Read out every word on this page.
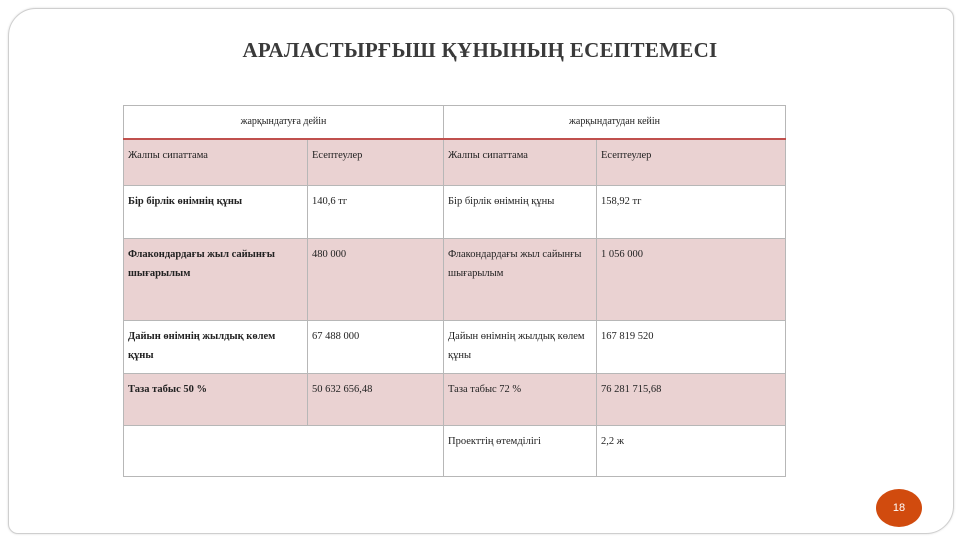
АРАЛАСТЫРҒЫШ ҚҰНЫНЫҢ ЕСЕПТЕМЕСІ
жарқындатуға дейін		жарқындатудан кейін	
Жалпы сипаттама	Есептеулер	Жалпы сипаттама	Есептеулер
Бір бірлік өнімнің құны	140,6 тг	Бір бірлік өнімнің құны	158,92 тг
Флакондардағы жыл сайынғы шығарылым	480 000	Флакондардағы жыл сайынғы шығарылым	1 056 000
Дайын өнімнің жылдық көлем құны	67 488 000	Дайын өнімнің жылдық көлем құны	167 819 520
Таза табыс 50 %	50 632 656,48	Таза табыс 72 %	76 281 715,68
		Проекттің өтемділігі	2,2 ж
18
